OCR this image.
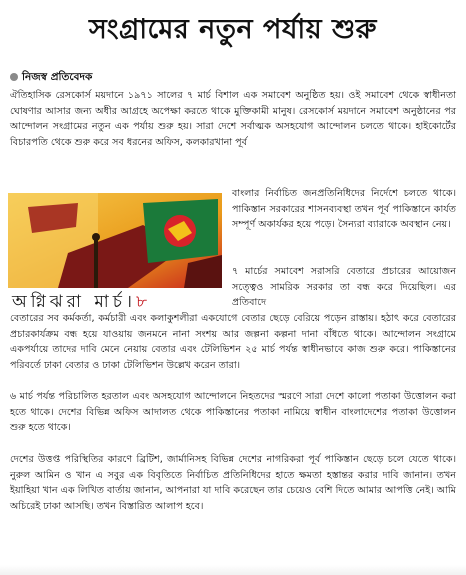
সংগ্রামের নতুন পর্যায় শুরু
নিজস্ব প্রতিবেদক
ঐতিহাসিক রেসকোর্স ময়দানে ১৯৭১ সালের ৭ মার্চ বিশাল এক সমাবেশ অনুষ্ঠিত হয়। ওই সমাবেশ থেকে স্বাধীনতা ঘোষণার আসার জন্য অধীর আগ্রহে অপেক্ষা করতে থাকে মুক্তিকামী মানুষ। রেসকোর্স ময়দানে সমাবেশ অনুষ্ঠানের পর আন্দোলন সংগ্রামের নতুন এক পর্যায় শুরু হয়। সারা দেশে সর্বাত্মক অসহযোগ আন্দোলন চলতে থাকে। হাইকোর্টের বিচারপতি থেকে শুরু করে সব ধরনের অফিস, কলকারখানা পূর্ব
বাংলার নির্বাচিত জনপ্রতিনিধিদের নির্দেশে চলতে থাকে। পাকিস্তান সরকারের শাসনব্যবস্থা তখন পূর্ব পাকিস্তানে কার্যত সম্পূর্ণ অকার্যকর হয়ে পড়ে। সৈন্যরা ব্যারাকে অবস্থান নেয়।
অগ্নিঝরা মার্চ।৮
৭ মার্চের সমাবেশ সরাসরি বেতারে প্রচারের আয়োজন সত্ত্বেও সামরিক সরকার তা বন্ধ করে দিয়েছিল। এর প্রতিবাদে
বেতারের সব কর্মকর্তা, কর্মচারী এবং কলাকুশলীরা একযোগে বেতার ছেড়ে বেরিয়ে পড়েন রাস্তায়। হঠাৎ করে বেতারের প্রচারকার্যক্রম বন্ধ হয়ে যাওয়ায় জনমনে নানা সংশয় আর জল্পনা কল্পনা দানা বাঁধতে থাকে। আন্দোলন সংগ্রামে একপর্যায়ে তাদের দাবি মেনে নেয়ায় বেতার এবং টেলিভিশন ২৫ মার্চ পর্যন্ত স্বাধীনভাবে কাজ শুরু করে। পাকিস্তানের পরিবর্তে ঢাকা বেতার ও ঢাকা টেলিভিশন উল্লেখ করেন তারা।
৬ মার্চ পর্যন্ত পরিচালিত হরতাল এবং অসহযোগ আন্দোলনে নিহতদের স্মরণে সারা দেশে কালো পতাকা উত্তোলন করা হতে থাকে। দেশের বিভিন্ন অফিস আদালত থেকে পাকিস্তানের পতাকা নামিয়ে স্বাধীন বাংলাদেশের পতাকা উত্তোলন শুরু হতে থাকে।
দেশের উত্তপ্ত পরিস্থিতির কারণে ব্রিটিশ, জার্মানিসহ বিভিন্ন দেশের নাগরিকরা পূর্ব পাকিস্তান ছেড়ে চলে যেতে থাকে। নুরুল আমিন ও খান এ সবুর এক বিবৃতিতে নির্বাচিত প্রতিনিধিদের হাতে ক্ষমতা হস্তান্তর করার দাবি জানান। তখন ইয়াহিয়া খান এক লিখিত বার্তায় জানান, আপনারা যা দাবি করেছেন তার চেয়েও বেশি দিতে আমার আপত্তি নেই। আমি অচিরেই ঢাকা আসছি। তখন বিস্তারিত আলাপ হবে।
